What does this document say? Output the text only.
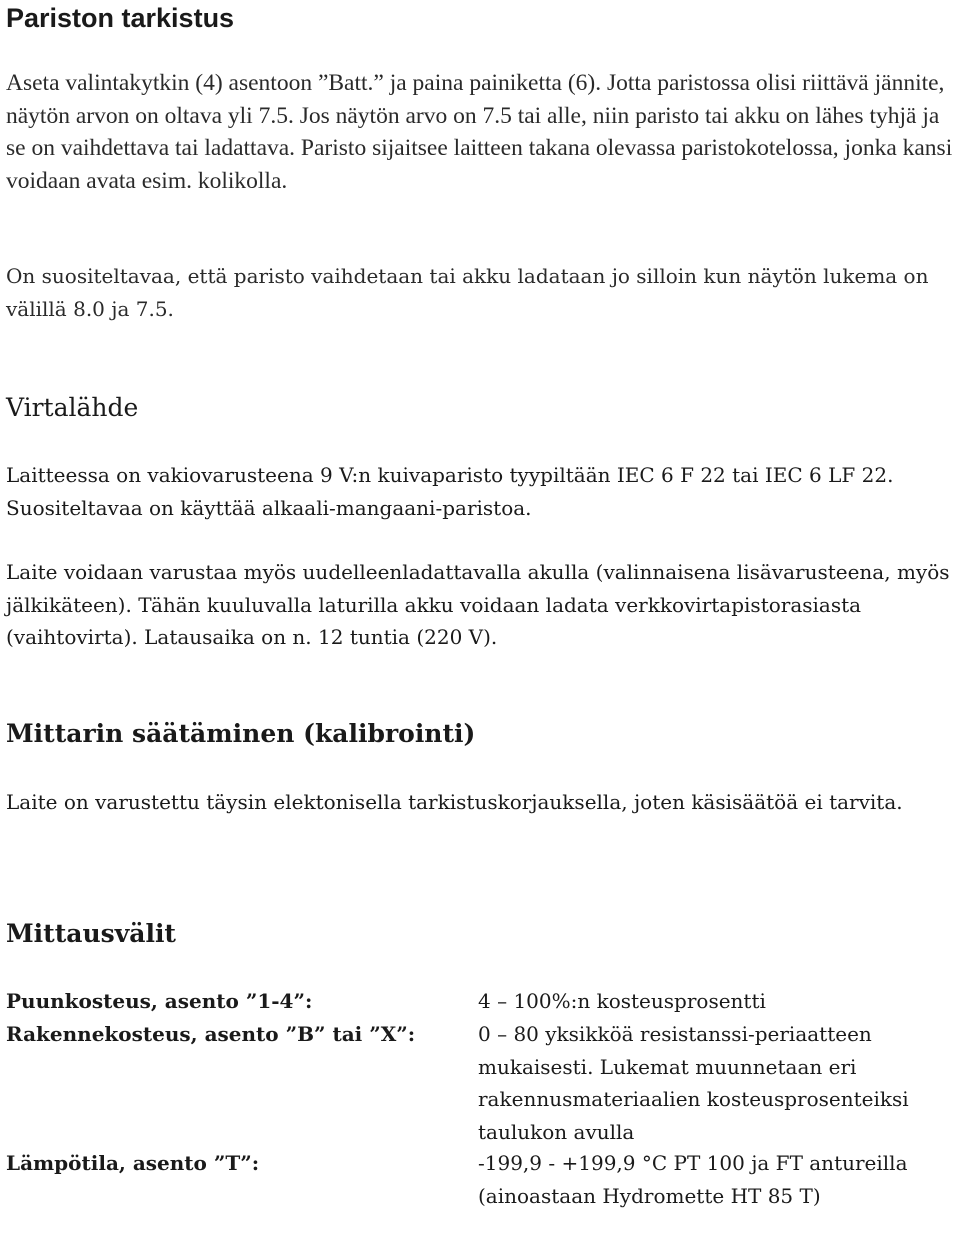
Pariston tarkistus

Aseta valintakytkin (4) asentoon ”Batt.” ja paina painiketta (6). Jotta paristossa olisi riittävä jännite, näytön arvon on oltava yli 7.5. Jos näytön arvo on 7.5 tai alle, niin paristo tai akku on lähes tyhjä ja se on vaihdettava tai ladattava. Paristo sijaitsee laitteen takana olevassa paristokotelossa, jonka kansi voidaan avata esim. kolikolla.

On suositeltavaa, että paristo vaihdetaan tai akku ladataan jo silloin kun näytön lukema on välillä 8.0 ja 7.5.

Virtalähde

Laitteessa on vakiovarusteena 9 V:n kuivaparisto tyypiltään IEC 6 F 22 tai IEC 6 LF 22. Suositeltavaa on käyttää alkaali-mangaani-paristoa.

Laite voidaan varustaa myös uudelleenladattavalla akulla (valinnaisena lisävarusteena, myös jälkikäteen). Tähän kuuluvalla laturilla akku voidaan ladata verkkovirtapistorasiasta (vaihtovirta). Latausaika on n. 12 tuntia (220 V).

Mittarin säätäminen (kalibrointi)

Laite on varustettu täysin elektonisella tarkistuskorjauksella, joten käsisäätöä ei tarvita.

Mittausvälit
Puunkosteus, asento ”1-4”:	4 – 100%:n kosteusprosentti
Rakennekosteus, asento ”B” tai ”X”:	0 – 80 yksikköä resistanssi-periaatteen mukaisesti. Lukemat muunnetaan eri rakennusmateriaalien kosteusprosenteiksi taulukon avulla
Lämpötila, asento ”T”:	-199,9 - +199,9 °C PT 100 ja FT antureilla (ainoastaan Hydromette HT 85 T)
